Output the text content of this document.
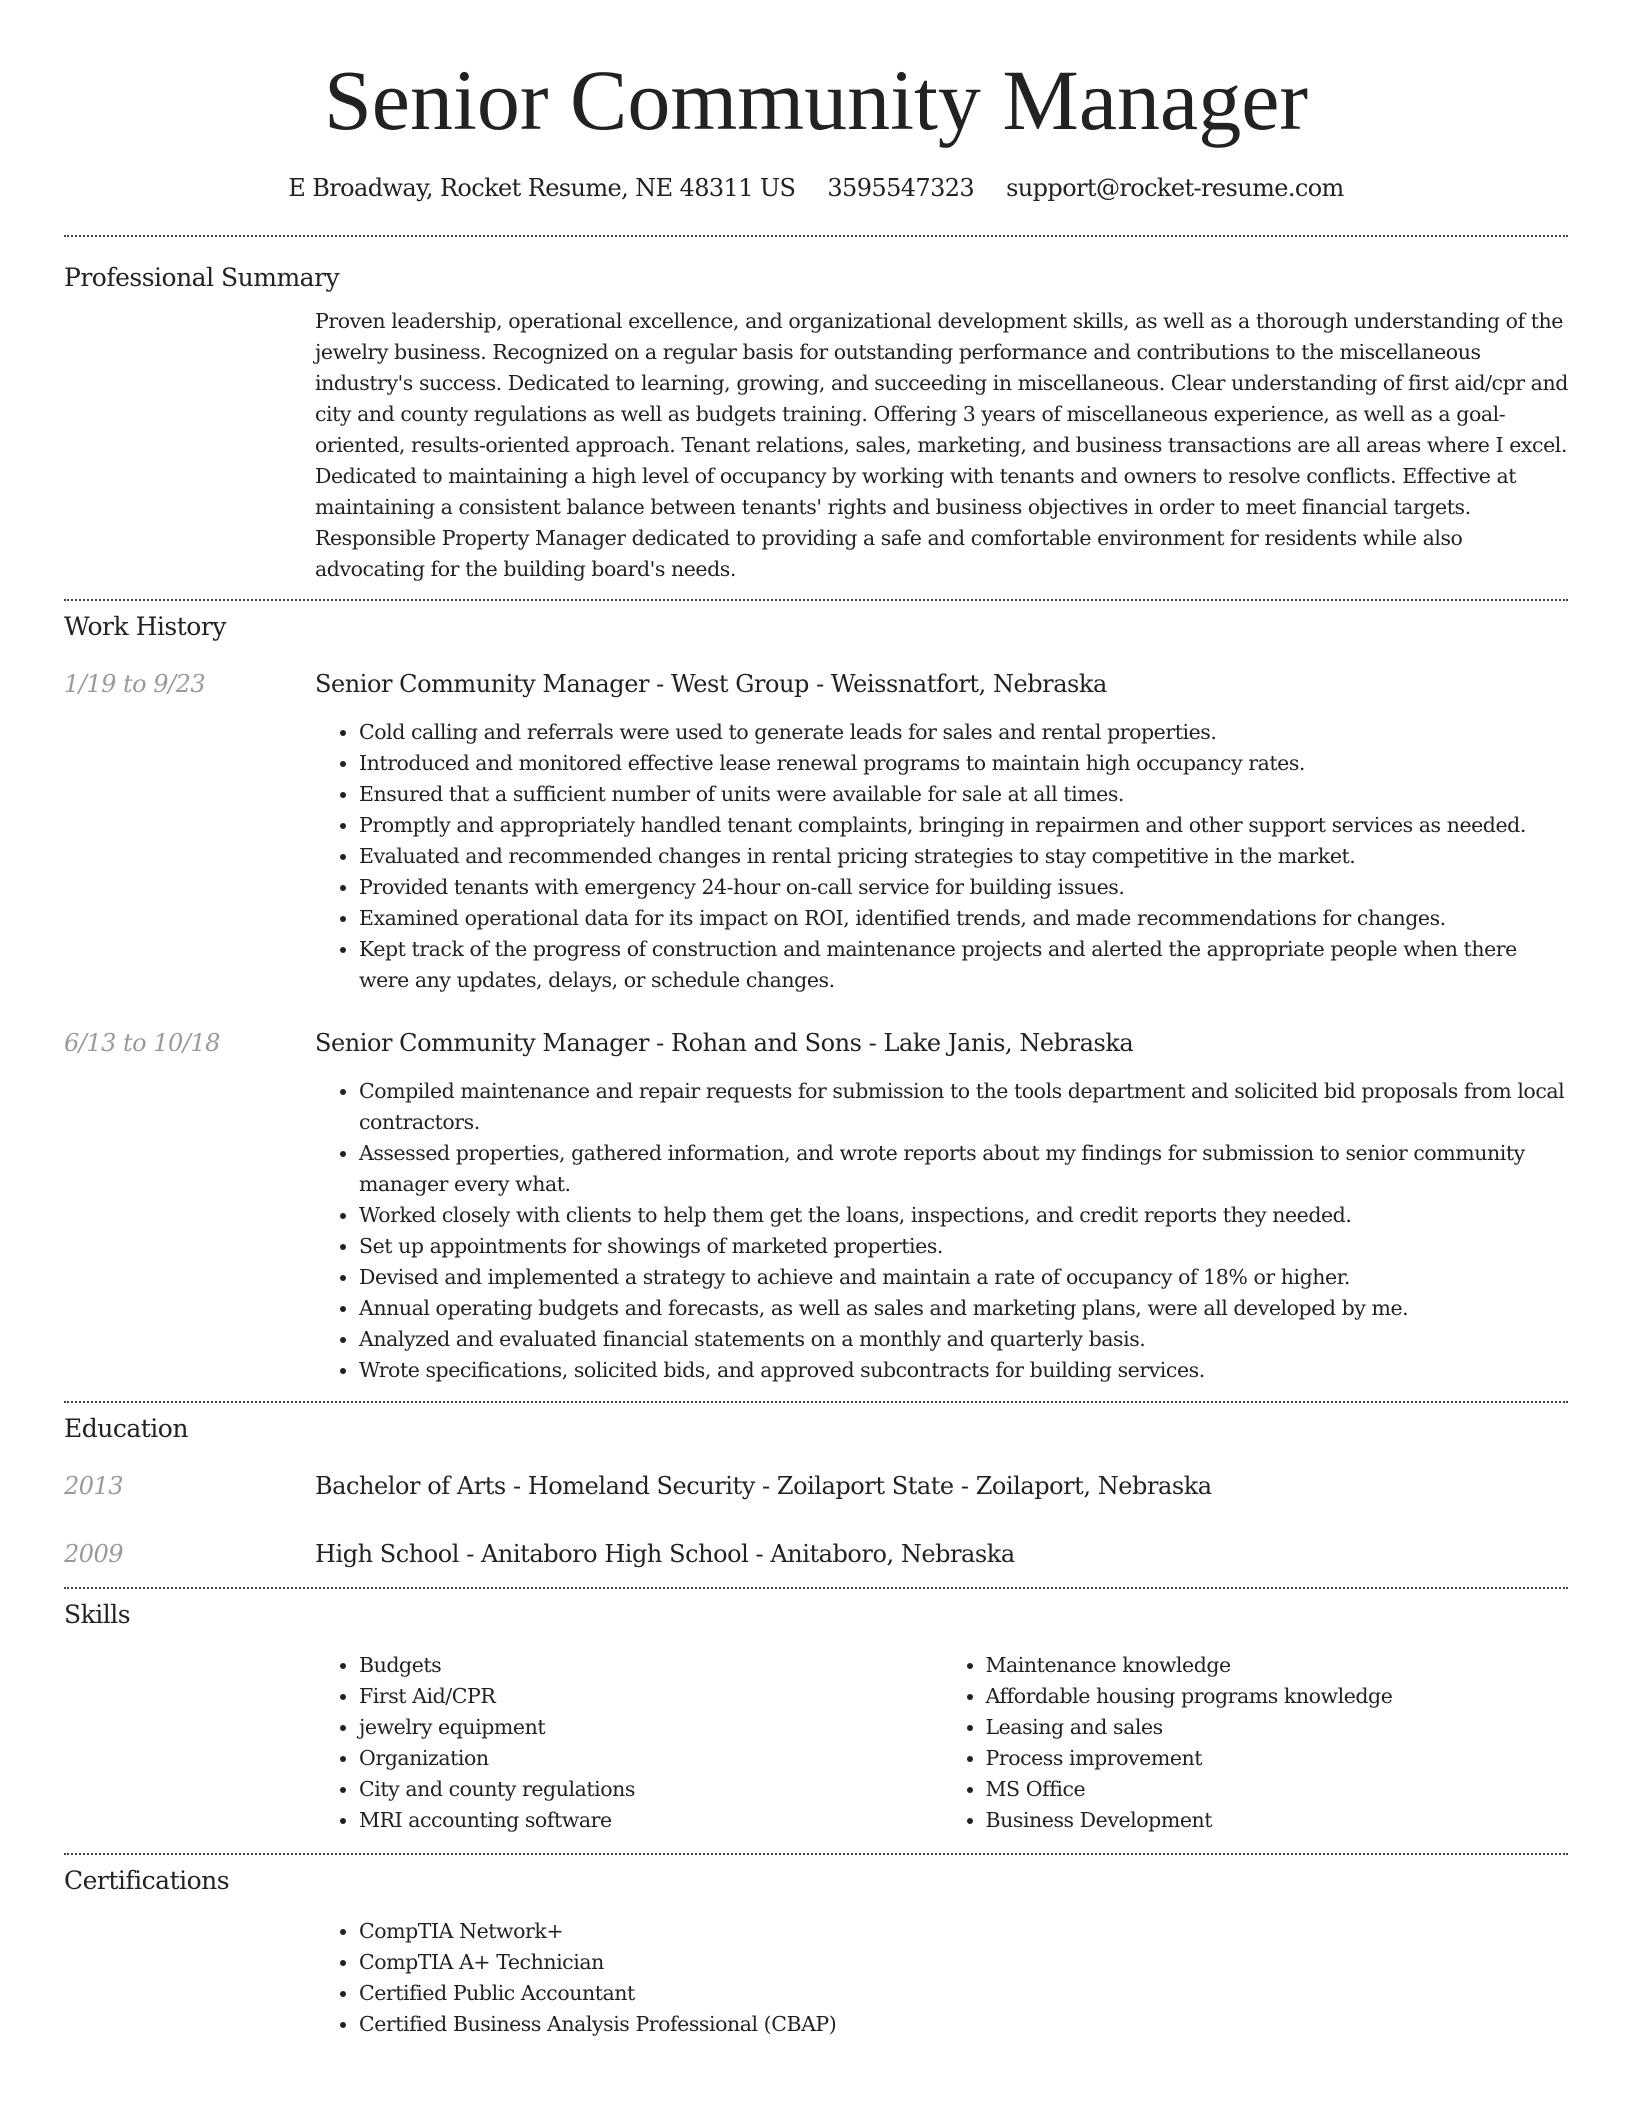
Senior Community Manager
E Broadway, Rocket Resume, NE 48311 US 3595547323 support@rocket-resume.com
Professional Summary

Proven leadership, operational excellence, and organizational development skills, as well as a thorough understanding of the jewelry business. Recognized on a regular basis for outstanding performance and contributions to the miscellaneous industry's success. Dedicated to learning, growing, and succeeding in miscellaneous. Clear understanding of first aid/cpr and city and county regulations as well as budgets training. Offering 3 years of miscellaneous experience, as well as a goal-oriented, results-oriented approach. Tenant relations, sales, marketing, and business transactions are all areas where I excel. Dedicated to maintaining a high level of occupancy by working with tenants and owners to resolve conflicts. Effective at maintaining a consistent balance between tenants' rights and business objectives in order to meet financial targets. Responsible Property Manager dedicated to providing a safe and comfortable environment for residents while also advocating for the building board's needs.

Work History
1/19 to 9/23	Senior Community Manager - West Group - Weissnatfort, Nebraska
• Cold calling and referrals were used to generate leads for sales and rental properties.
• Introduced and monitored effective lease renewal programs to maintain high occupancy rates.
• Ensured that a sufficient number of units were available for sale at all times.
• Promptly and appropriately handled tenant complaints, bringing in repairmen and other support services as needed.
• Evaluated and recommended changes in rental pricing strategies to stay competitive in the market.
• Provided tenants with emergency 24-hour on-call service for building issues.
• Examined operational data for its impact on ROI, identified trends, and made recommendations for changes.
• Kept track of the progress of construction and maintenance projects and alerted the appropriate people when there were any updates, delays, or schedule changes.
6/13 to 10/18	Senior Community Manager - Rohan and Sons - Lake Janis, Nebraska
• Compiled maintenance and repair requests for submission to the tools department and solicited bid proposals from local contractors.
• Assessed properties, gathered information, and wrote reports about my findings for submission to senior community manager every what.
• Worked closely with clients to help them get the loans, inspections, and credit reports they needed.
• Set up appointments for showings of marketed properties.
• Devised and implemented a strategy to achieve and maintain a rate of occupancy of 18% or higher.
• Annual operating budgets and forecasts, as well as sales and marketing plans, were all developed by me.
• Analyzed and evaluated financial statements on a monthly and quarterly basis.
• Wrote specifications, solicited bids, and approved subcontracts for building services.
Education
2013	Bachelor of Arts - Homeland Security - Zoilaport State - Zoilaport, Nebraska
2009	High School - Anitaboro High School - Anitaboro, Nebraska
Skills
• Budgets
• First Aid/CPR
• jewelry equipment
• Organization
• City and county regulations
• MRI accounting software
• Maintenance knowledge
• Affordable housing programs knowledge
• Leasing and sales
• Process improvement
• MS Office
• Business Development
Certifications
• CompTIA Network+
• CompTIA A+ Technician
• Certified Public Accountant
• Certified Business Analysis Professional (CBAP)
